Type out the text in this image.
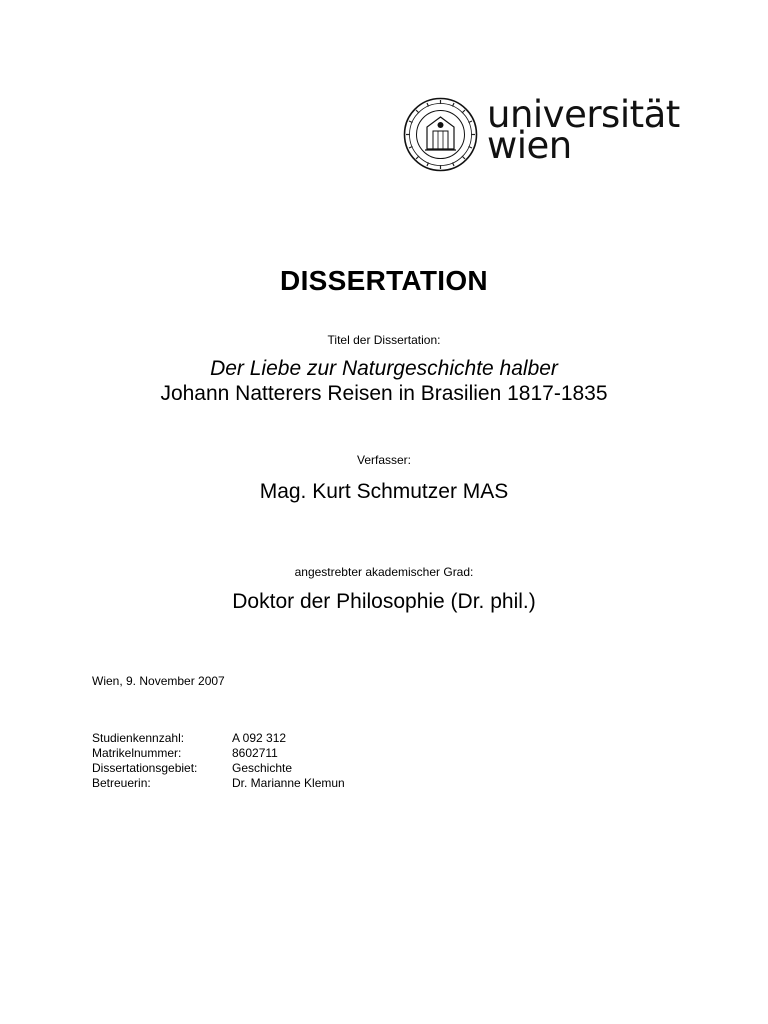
universität
wien
DISSERTATION
Titel der Dissertation:
Der Liebe zur Naturgeschichte halber
Johann Natterers Reisen in Brasilien 1817-1835
Verfasser:
Mag. Kurt Schmutzer MAS
angestrebter akademischer Grad:
Doktor der Philosophie (Dr. phil.)
Wien, 9. November 2007
Studienkennzahl:	A 092 312
Matrikelnummer:	8602711
Dissertationsgebiet:	Geschichte
Betreuerin:	Dr. Marianne Klemun
